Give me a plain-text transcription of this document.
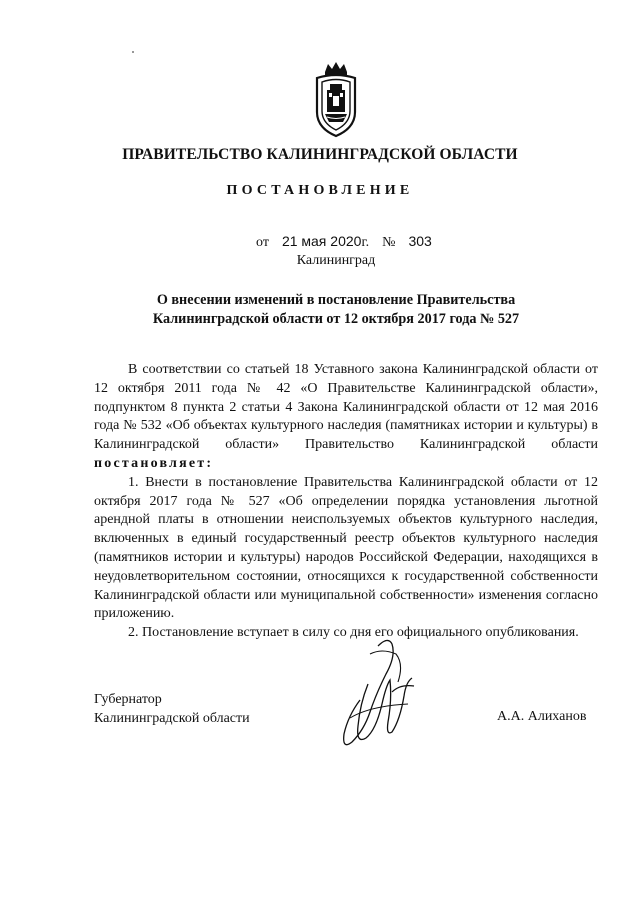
ПРАВИТЕЛЬСТВО КАЛИНИНГРАДСКОЙ ОБЛАСТИ
ПОСТАНОВЛЕНИЕ
от 21 мая 2020г. № 303
Калининград
О внесении изменений в постановление Правительства
Калининградской области от 12 октября 2017 года № 527

В соответствии со статьей 18 Уставного закона Калининградской области от 12 октября 2011 года № 42 «О Правительстве Калининградской области», подпунктом 8 пункта 2 статьи 4 Закона Калининградской области от 12 мая 2016 года № 532 «Об объектах культурного наследия (памятниках истории и культуры) в Калининградской области» Правительство Калининградской области постановляет:

1. Внести в постановление Правительства Калининградской области от 12 октября 2017 года № 527 «Об определении порядка установления льготной арендной платы в отношении неиспользуемых объектов культурного наследия, включенных в единый государственный реестр объектов культурного наследия (памятников истории и культуры) народов Российской Федерации, находящихся в неудовлетворительном состоянии, относящихся к государственной собственности Калининградской области или муниципальной собственности» изменения согласно приложению.

2. Постановление вступает в силу со дня его официального опубликования.

Губернатор
Калининградской области	А.А. Алиханов
